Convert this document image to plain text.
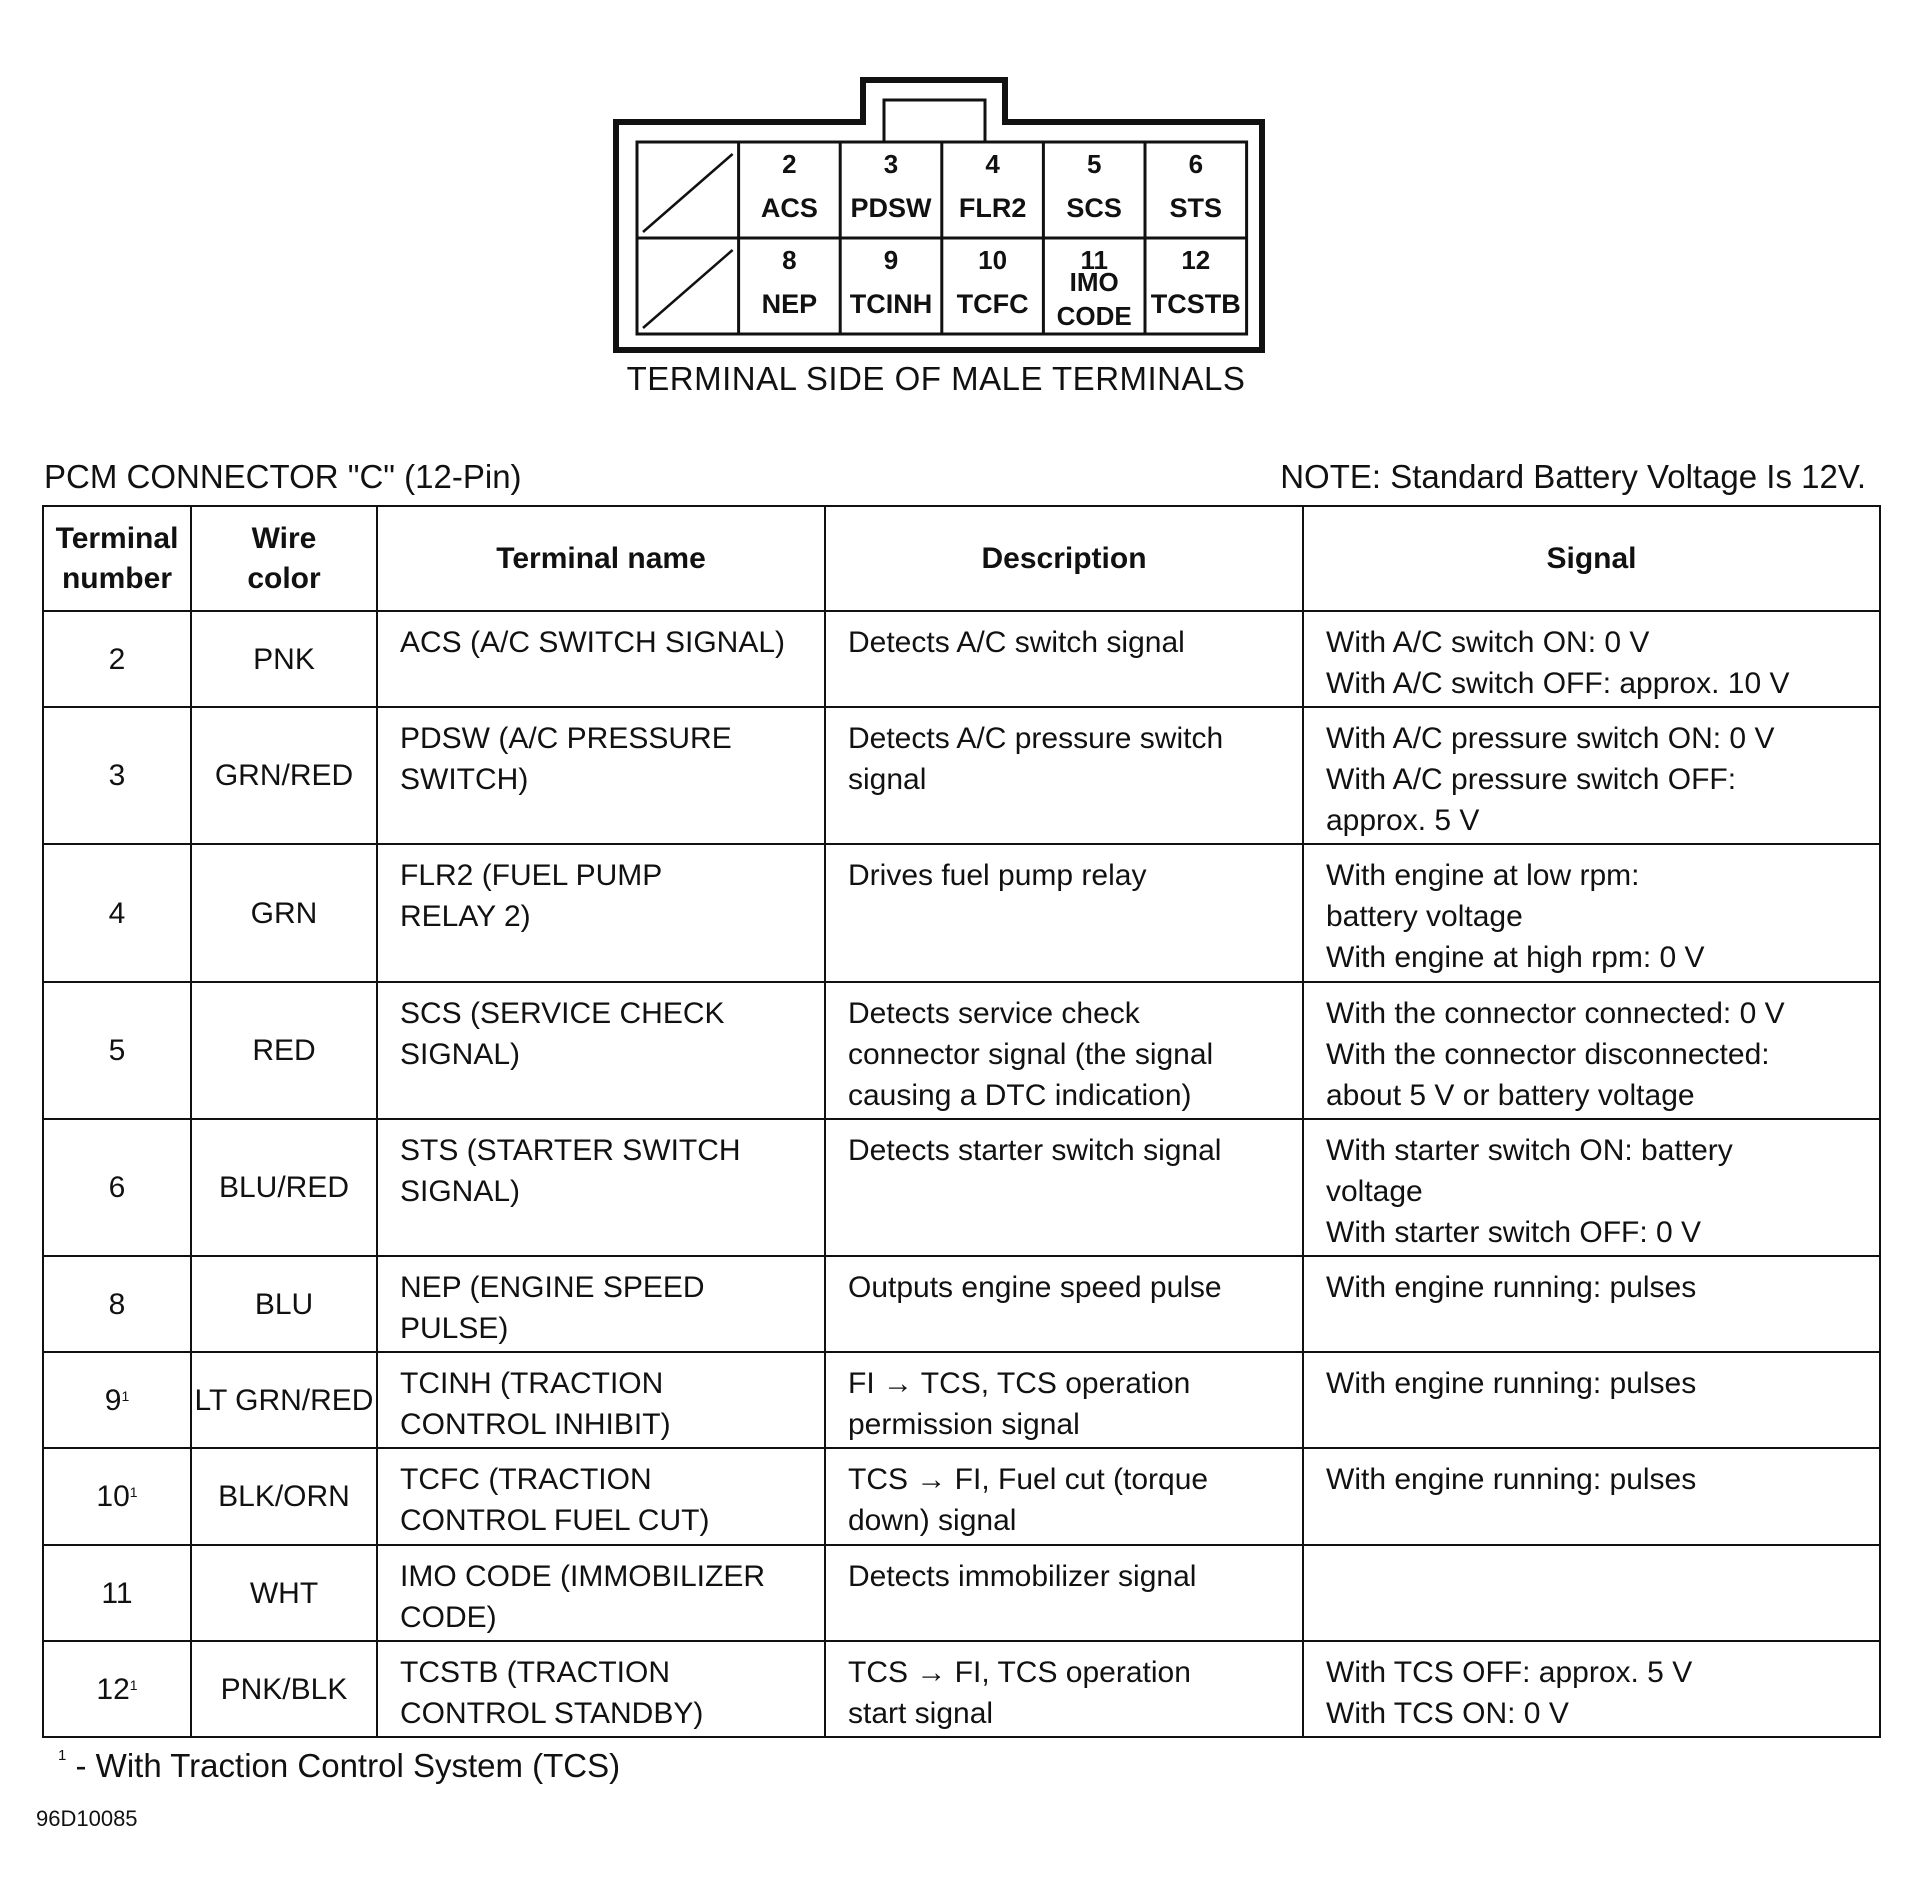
2
ACS
3
PDSW
4
FLR2
5
SCS
6
STS
8
NEP
9
TCINH
10
TCFC
11
IMO
CODE
12
TCSTB
TERMINAL SIDE OF MALE TERMINALS
PCM CONNECTOR "C" (12-Pin)	NOTE: Standard Battery Voltage Is 12V.
Terminal
number	Wire
color	Terminal name	Description	Signal
2	PNK	ACS (A/C SWITCH SIGNAL)	Detects A/C switch signal	With A/C switch ON: 0 V
With A/C switch OFF: approx. 10 V

3	GRN/RED	PDSW (A/C PRESSURE
SWITCH)	Detects A/C pressure switch
signal	With A/C pressure switch ON: 0 V
With A/C pressure switch OFF:
approx. 5 V

4	GRN	FLR2 (FUEL PUMP
RELAY 2)	Drives fuel pump relay	With engine at low rpm:
battery voltage
With engine at high rpm: 0 V

5	RED	SCS (SERVICE CHECK
SIGNAL)	Detects service check
connector signal (the signal
causing a DTC indication)	With the connector connected: 0 V
With the connector disconnected:
about 5 V or battery voltage

6	BLU/RED	STS (STARTER SWITCH
SIGNAL)	Detects starter switch signal	With starter switch ON: battery
voltage
With starter switch OFF: 0 V

8	BLU	NEP (ENGINE SPEED
PULSE)	Outputs engine speed pulse	With engine running: pulses

$9^1$	LT GRN/RED	TCINH (TRACTION
CONTROL INHIBIT)	FI → TCS, TCS operation
permission signal	With engine running: pulses

$10^1$	BLK/ORN	TCFC (TRACTION
CONTROL FUEL CUT)	TCS → FI, Fuel cut (torque
down) signal	With engine running: pulses

11	WHT	IMO CODE (IMMOBILIZER
CODE)	Detects immobilizer signal	

$12^1$	PNK/BLK	TCSTB (TRACTION
CONTROL STANDBY)	TCS → FI, TCS operation
start signal	With TCS OFF: approx. 5 V
With TCS ON: 0 V
$^1$ - With Traction Control System (TCS)
96D10085
